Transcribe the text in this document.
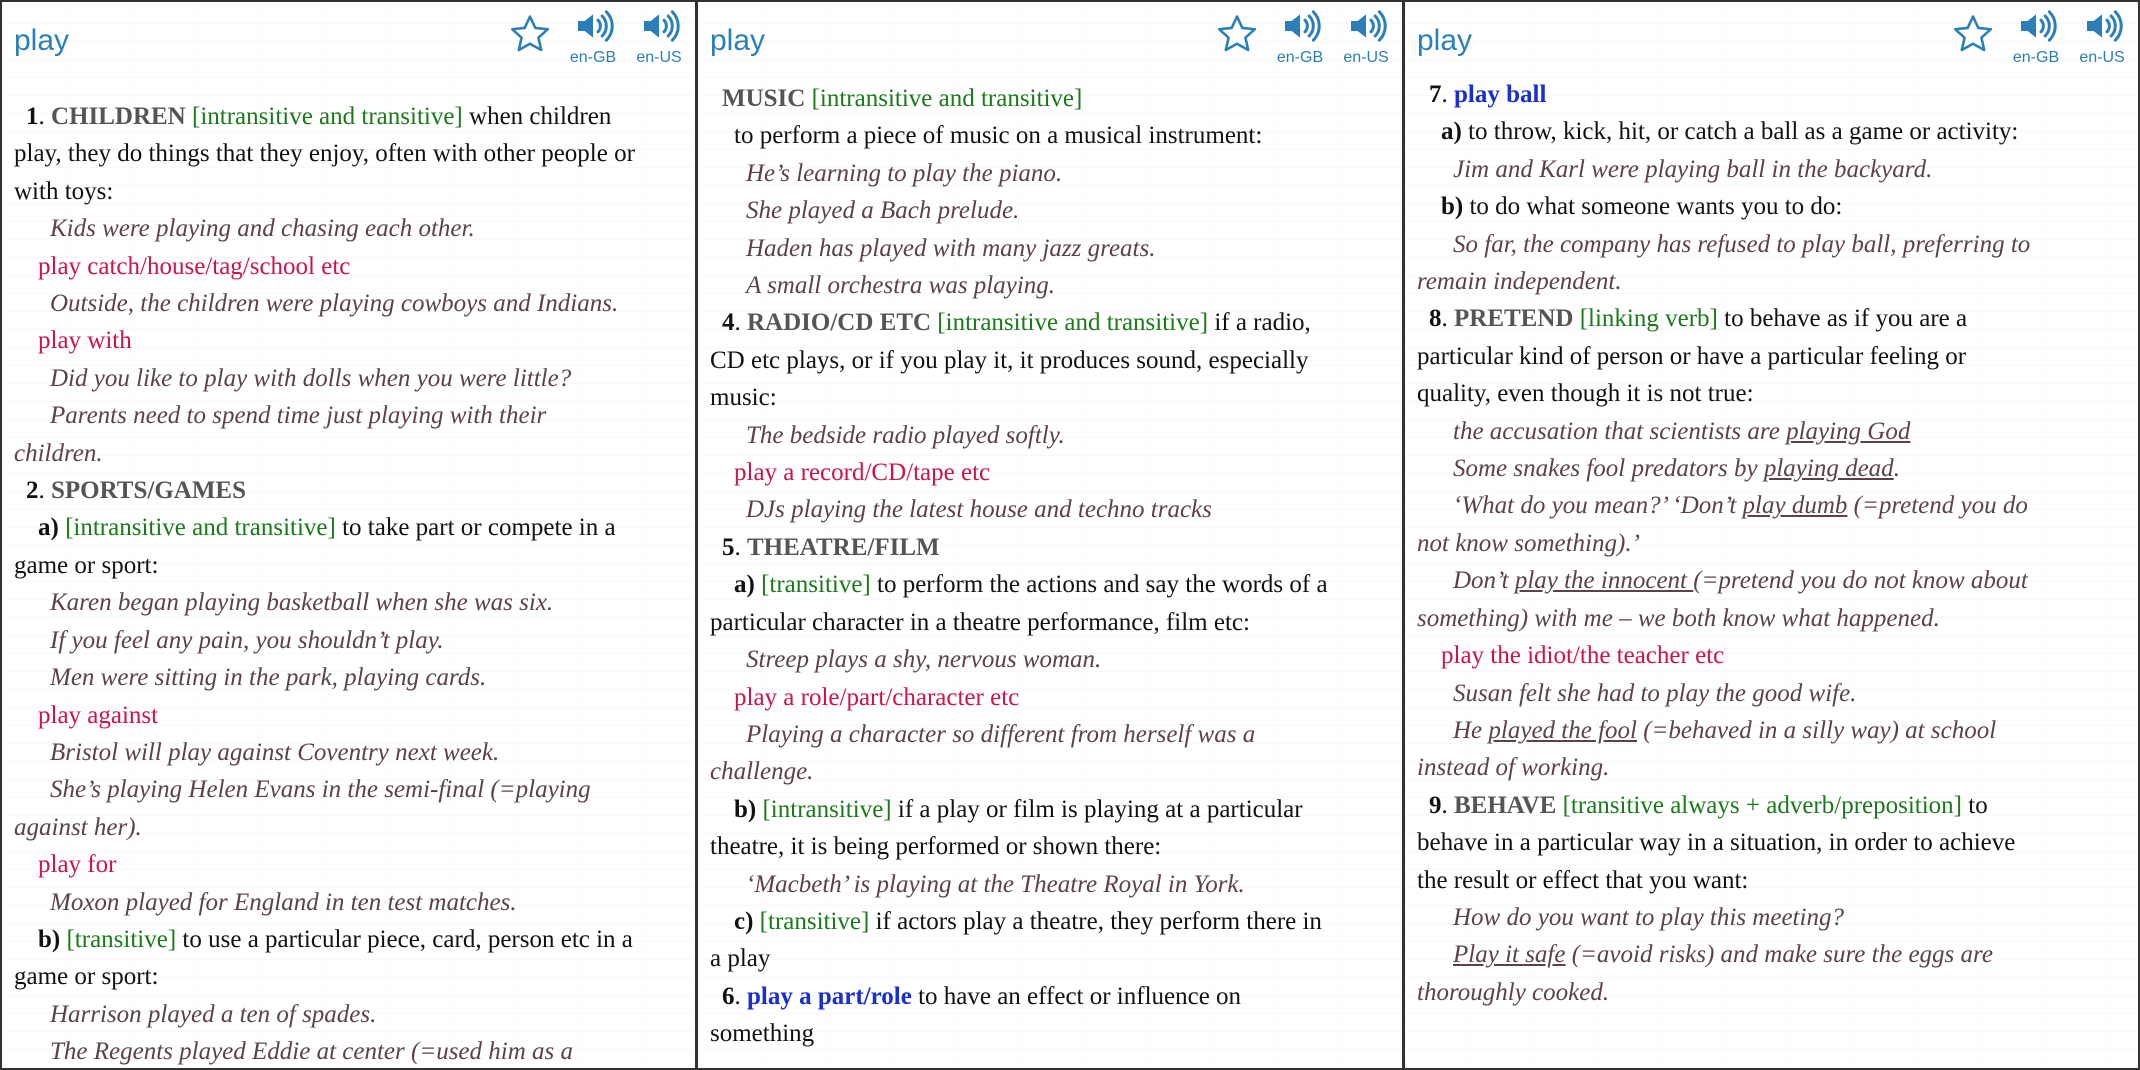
play
en-GB en-US

1. CHILDREN [intransitive and transitive] when children

play, they do things that they enjoy, often with other people or

with toys:

Kids were playing and chasing each other.

play catch/house/tag/school etc

Outside, the children were playing cowboys and Indians.

play with

Did you like to play with dolls when you were little?

Parents need to spend time just playing with their

children.

2. SPORTS/GAMES

a) [intransitive and transitive] to take part or compete in a

game or sport:

Karen began playing basketball when she was six.

If you feel any pain, you shouldn’t play.

Men were sitting in the park, playing cards.

play against

Bristol will play against Coventry next week.

She’s playing Helen Evans in the semi-final (=playing

against her).

play for

Moxon played for England in ten test matches.

b) [transitive] to use a particular piece, card, person etc in a

game or sport:

Harrison played a ten of spades.

The Regents played Eddie at center (=used him as a

play
en-GB en-US

MUSIC [intransitive and transitive]

to perform a piece of music on a musical instrument:

He’s learning to play the piano.

She played a Bach prelude.

Haden has played with many jazz greats.

A small orchestra was playing.

4. RADIO/CD ETC [intransitive and transitive] if a radio,

CD etc plays, or if you play it, it produces sound, especially

music:

The bedside radio played softly.

play a record/CD/tape etc

DJs playing the latest house and techno tracks

5. THEATRE/FILM

a) [transitive] to perform the actions and say the words of a

particular character in a theatre performance, film etc:

Streep plays a shy, nervous woman.

play a role/part/character etc

Playing a character so different from herself was a

challenge.

b) [intransitive] if a play or film is playing at a particular

theatre, it is being performed or shown there:

‘Macbeth’ is playing at the Theatre Royal in York.

c) [transitive] if actors play a theatre, they perform there in

a play

6. play a part/role to have an effect or influence on

something

play
en-GB en-US

7. play ball

a) to throw, kick, hit, or catch a ball as a game or activity:

Jim and Karl were playing ball in the backyard.

b) to do what someone wants you to do:

So far, the company has refused to play ball, preferring to

remain independent.

8. PRETEND [linking verb] to behave as if you are a

particular kind of person or have a particular feeling or

quality, even though it is not true:

the accusation that scientists are playing God

Some snakes fool predators by playing dead.

‘What do you mean?’ ‘Don’t play dumb (=pretend you do

not know something).’

Don’t play the innocent (=pretend you do not know about

something) with me – we both know what happened.

play the idiot/the teacher etc

Susan felt she had to play the good wife.

He played the fool (=behaved in a silly way) at school

instead of working.

9. BEHAVE [transitive always + adverb/preposition] to

behave in a particular way in a situation, in order to achieve

the result or effect that you want:

How do you want to play this meeting?

Play it safe (=avoid risks) and make sure the eggs are

thoroughly cooked.
